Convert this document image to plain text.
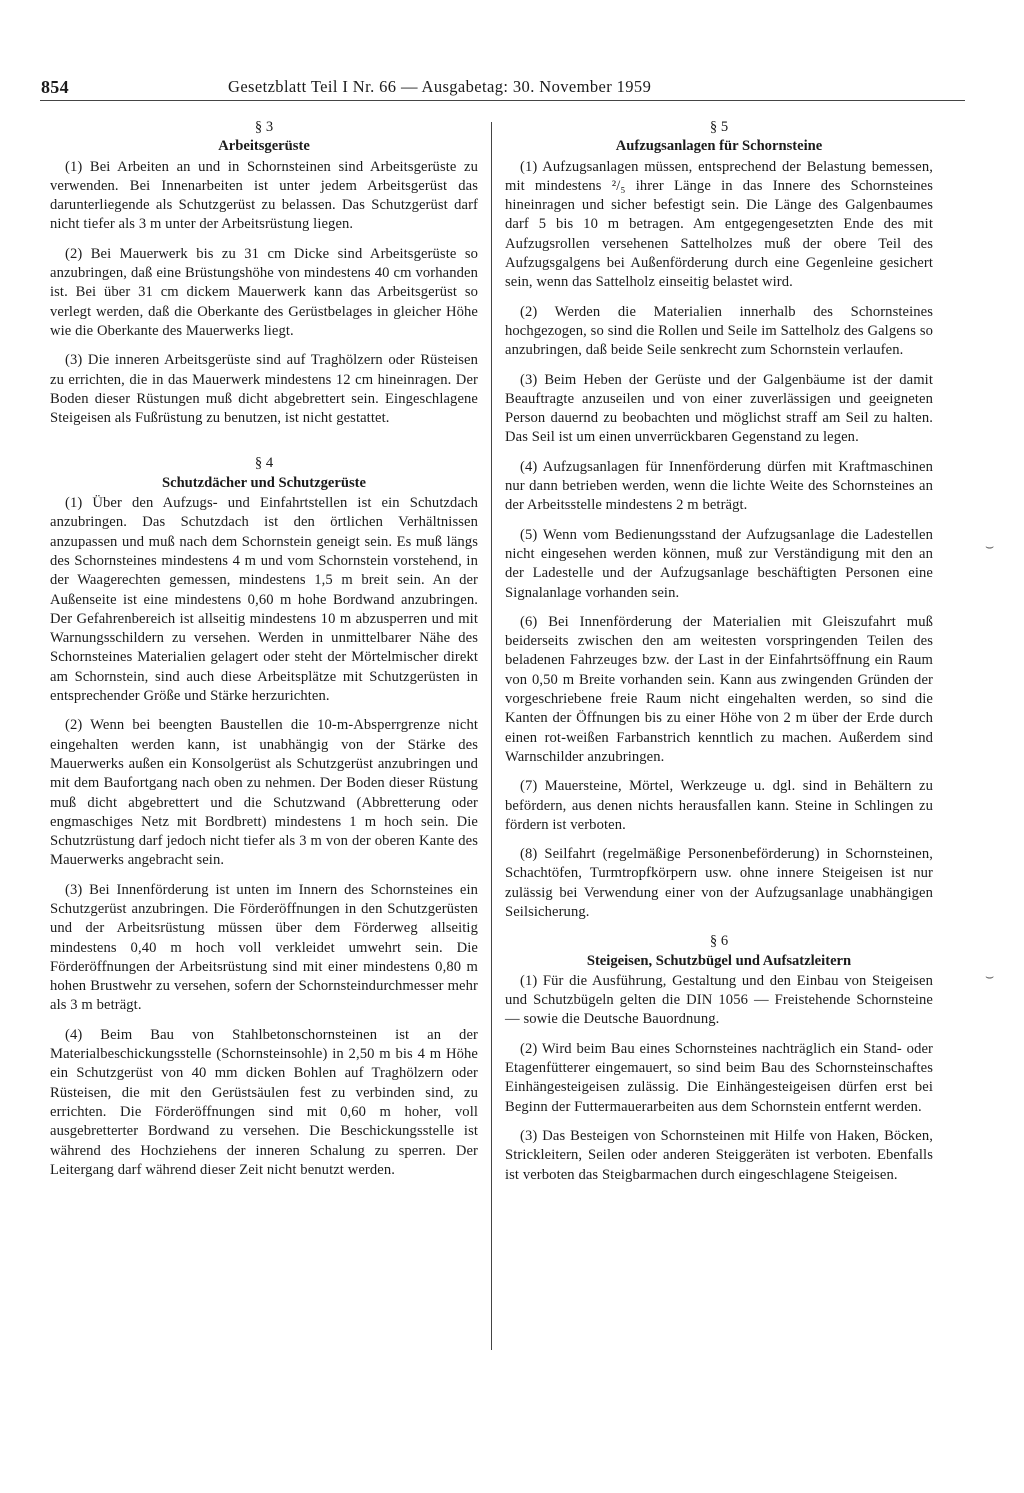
854	Gesetzblatt Teil I Nr. 66 — Ausgabetag: 30. November 1959

§ 3

Arbeitsgerüste

(1) Bei Arbeiten an und in Schornsteinen sind Arbeitsgerüste zu verwenden. Bei Innenarbeiten ist unter jedem Arbeitsgerüst das darunterliegende als Schutzgerüst zu belassen. Das Schutzgerüst darf nicht tiefer als 3 m unter der Arbeitsrüstung liegen.

(2) Bei Mauerwerk bis zu 31 cm Dicke sind Arbeitsgerüste so anzubringen, daß eine Brüstungshöhe von mindestens 40 cm vorhanden ist. Bei über 31 cm dickem Mauerwerk kann das Arbeitsgerüst so verlegt werden, daß die Oberkante des Gerüstbelages in gleicher Höhe wie die Oberkante des Mauerwerks liegt.

(3) Die inneren Arbeitsgerüste sind auf Traghölzern oder Rüsteisen zu errichten, die in das Mauerwerk mindestens 12 cm hineinragen. Der Boden dieser Rüstungen muß dicht abgebrettert sein. Eingeschlagene Steigeisen als Fußrüstung zu benutzen, ist nicht gestattet.

§ 4

Schutzdächer und Schutzgerüste

(1) Über den Aufzugs- und Einfahrtstellen ist ein Schutzdach anzubringen. Das Schutzdach ist den örtlichen Verhältnissen anzupassen und muß nach dem Schornstein geneigt sein. Es muß längs des Schornsteines mindestens 4 m und vom Schornstein vorstehend, in der Waagerechten gemessen, mindestens 1,5 m breit sein. An der Außenseite ist eine mindestens 0,60 m hohe Bordwand anzubringen. Der Gefahrenbereich ist allseitig mindestens 10 m abzusperren und mit Warnungsschildern zu versehen. Werden in unmittelbarer Nähe des Schornsteines Materialien gelagert oder steht der Mörtelmischer direkt am Schornstein, sind auch diese Arbeitsplätze mit Schutzgerüsten in entsprechender Größe und Stärke herzurichten.

(2) Wenn bei beengten Baustellen die 10-m-Absperrgrenze nicht eingehalten werden kann, ist unabhängig von der Stärke des Mauerwerks außen ein Konsolgerüst als Schutzgerüst anzubringen und mit dem Baufortgang nach oben zu nehmen. Der Boden dieser Rüstung muß dicht abgebrettert und die Schutzwand (Abbretterung oder engmaschiges Netz mit Bordbrett) mindestens 1 m hoch sein. Die Schutzrüstung darf jedoch nicht tiefer als 3 m von der oberen Kante des Mauerwerks angebracht sein.

(3) Bei Innenförderung ist unten im Innern des Schornsteines ein Schutzgerüst anzubringen. Die Förderöffnungen in den Schutzgerüsten und der Arbeitsrüstung müssen über dem Förderweg allseitig mindestens 0,40 m hoch voll verkleidet umwehrt sein. Die Förderöffnungen der Arbeitsrüstung sind mit einer mindestens 0,80 m hohen Brustwehr zu versehen, sofern der Schornsteindurchmesser mehr als 3 m beträgt.

(4) Beim Bau von Stahlbetonschornsteinen ist an der Materialbeschickungsstelle (Schornsteinsohle) in 2,50 m bis 4 m Höhe ein Schutzgerüst von 40 mm dicken Bohlen auf Traghölzern oder Rüsteisen, die mit den Gerüstsäulen fest zu verbinden sind, zu errichten. Die Förderöffnungen sind mit 0,60 m hoher, voll ausgebretterter Bordwand zu versehen. Die Beschickungsstelle ist während des Hochziehens der inneren Schalung zu sperren. Der Leitergang darf während dieser Zeit nicht benutzt werden.

§ 5

Aufzugsanlagen für Schornsteine

(1) Aufzugsanlagen müssen, entsprechend der Belastung bemessen, mit mindestens ²/₅ ihrer Länge in das Innere des Schornsteines hineinragen und sicher befestigt sein. Die Länge des Galgenbaumes darf 5 bis 10 m betragen. Am entgegengesetzten Ende des mit Aufzugsrollen versehenen Sattelholzes muß der obere Teil des Aufzugsgalgens bei Außenförderung durch eine Gegenleine gesichert sein, wenn das Sattelholz einseitig belastet wird.

(2) Werden die Materialien innerhalb des Schornsteines hochgezogen, so sind die Rollen und Seile im Sattelholz des Galgens so anzubringen, daß beide Seile senkrecht zum Schornstein verlaufen.

(3) Beim Heben der Gerüste und der Galgenbäume ist der damit Beauftragte anzuseilen und von einer zuverlässigen und geeigneten Person dauernd zu beobachten und möglichst straff am Seil zu halten. Das Seil ist um einen unverrückbaren Gegenstand zu legen.

(4) Aufzugsanlagen für Innenförderung dürfen mit Kraftmaschinen nur dann betrieben werden, wenn die lichte Weite des Schornsteines an der Arbeitsstelle mindestens 2 m beträgt.

(5) Wenn vom Bedienungsstand der Aufzugsanlage die Ladestellen nicht eingesehen werden können, muß zur Verständigung mit den an der Ladestelle und der Aufzugsanlage beschäftigten Personen eine Signalanlage vorhanden sein.

(6) Bei Innenförderung der Materialien mit Gleiszufahrt muß beiderseits zwischen den am weitesten vorspringenden Teilen des beladenen Fahrzeuges bzw. der Last in der Einfahrtsöffnung ein Raum von 0,50 m Breite vorhanden sein. Kann aus zwingenden Gründen der vorgeschriebene freie Raum nicht eingehalten werden, so sind die Kanten der Öffnungen bis zu einer Höhe von 2 m über der Erde durch einen rot-weißen Farbanstrich kenntlich zu machen. Außerdem sind Warnschilder anzubringen.

(7) Mauersteine, Mörtel, Werkzeuge u. dgl. sind in Behältern zu befördern, aus denen nichts herausfallen kann. Steine in Schlingen zu fördern ist verboten.

(8) Seilfahrt (regelmäßige Personenbeförderung) in Schornsteinen, Schachtöfen, Turmtropfkörpern usw. ohne innere Steigeisen ist nur zulässig bei Verwendung einer von der Aufzugsanlage unabhängigen Seilsicherung.

§ 6

Steigeisen, Schutzbügel und Aufsatzleitern

(1) Für die Ausführung, Gestaltung und den Einbau von Steigeisen und Schutzbügeln gelten die DIN 1056 — Freistehende Schornsteine — sowie die Deutsche Bauordnung.

(2) Wird beim Bau eines Schornsteines nachträglich ein Stand- oder Etagenfütterer eingemauert, so sind beim Bau des Schornsteinschaftes Einhängesteigeisen zulässig. Die Einhängesteigeisen dürfen erst bei Beginn der Futtermauerarbeiten aus dem Schornstein entfernt werden.

(3) Das Besteigen von Schornsteinen mit Hilfe von Haken, Böcken, Strickleitern, Seilen oder anderen Steiggeräten ist verboten. Ebenfalls ist verboten das Steigbarmachen durch eingeschlagene Steigeisen.

⌣
⌣
